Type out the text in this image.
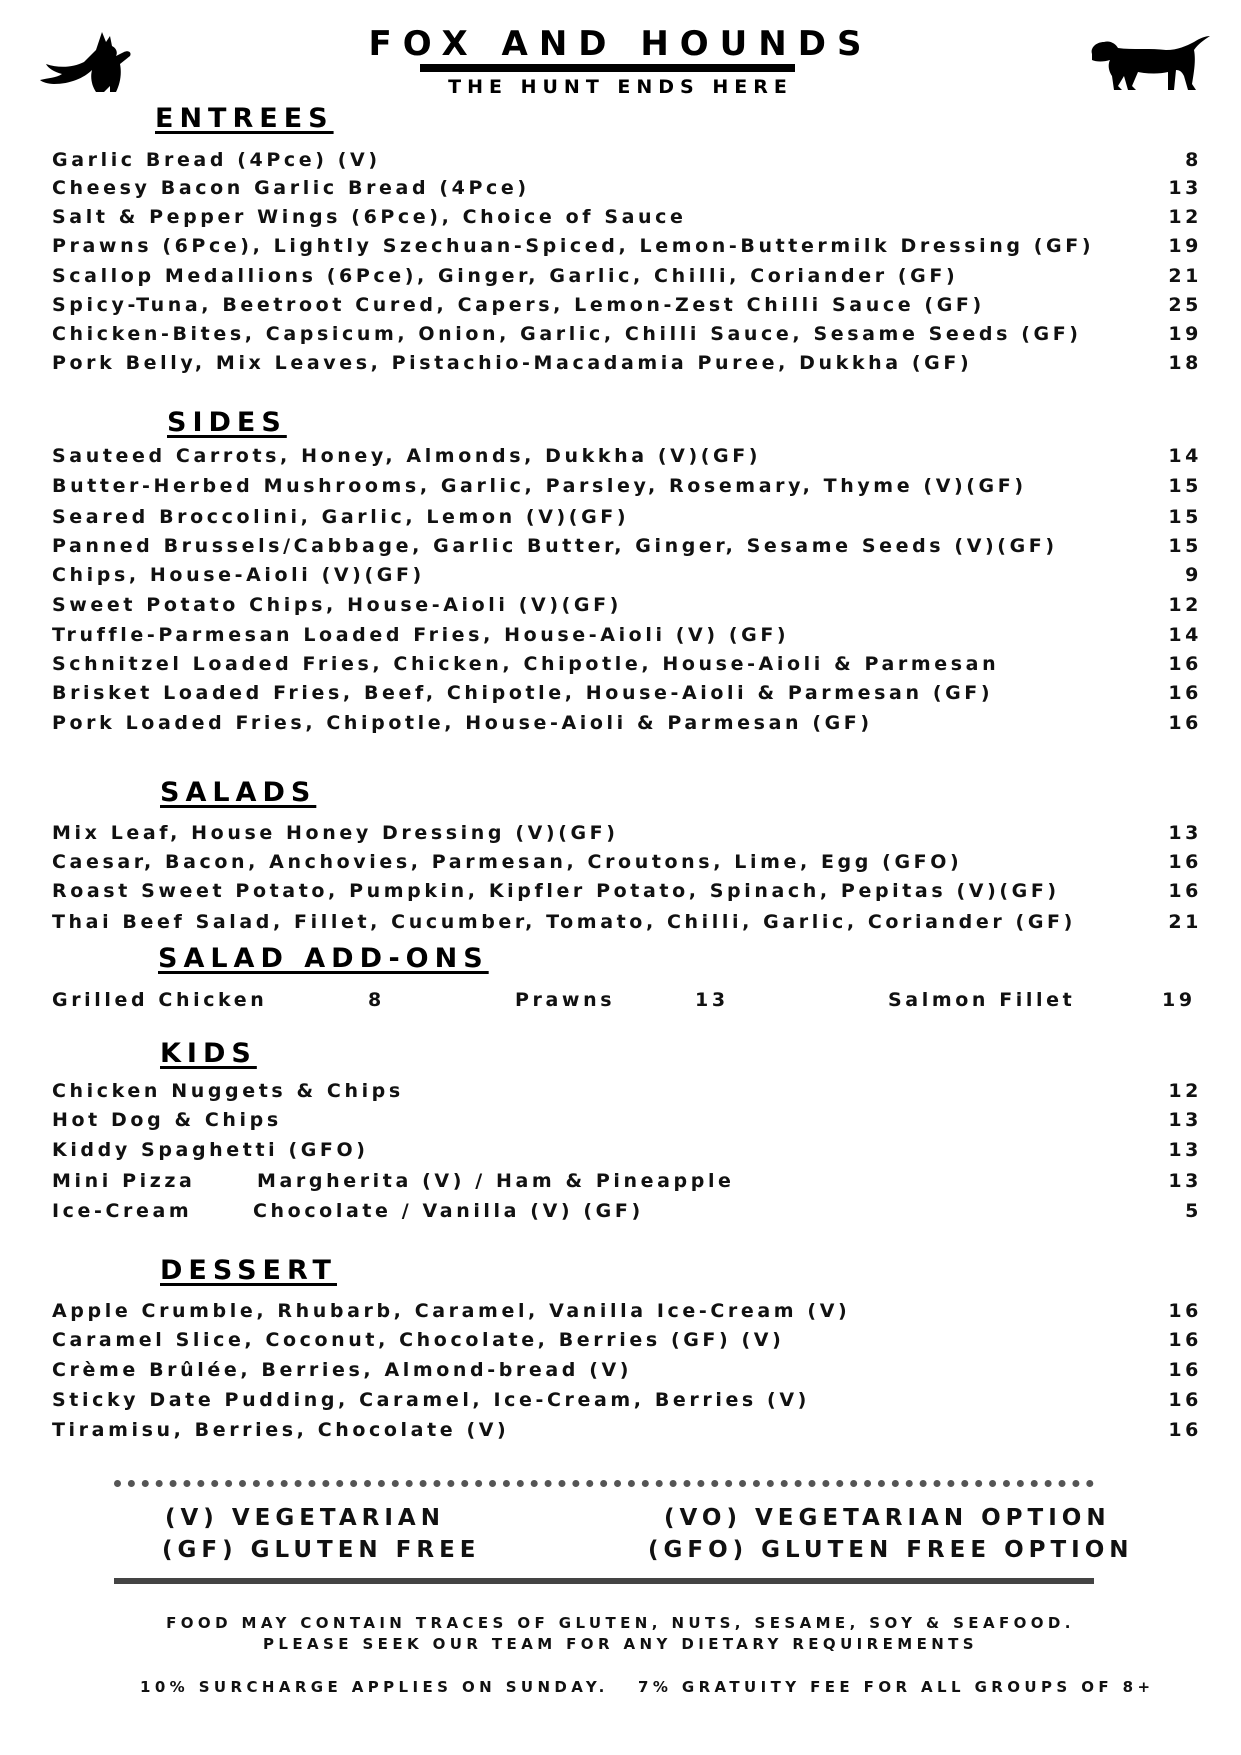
FOX AND HOUNDS
THE HUNT ENDS HERE
ENTREES
Garlic Bread (4Pce) (V)	8
Cheesy Bacon Garlic Bread (4Pce)	13
Salt & Pepper Wings (6Pce), Choice of Sauce	12
Prawns (6Pce), Lightly Szechuan-Spiced, Lemon-Buttermilk Dressing (GF)	19
Scallop Medallions (6Pce), Ginger, Garlic, Chilli, Coriander (GF)	21
Spicy-Tuna, Beetroot Cured, Capers, Lemon-Zest Chilli Sauce (GF)	25
Chicken-Bites, Capsicum, Onion, Garlic, Chilli Sauce, Sesame Seeds (GF)	19
Pork Belly, Mix Leaves, Pistachio-Macadamia Puree, Dukkha (GF)	18
SIDES
Sauteed Carrots, Honey, Almonds, Dukkha (V)(GF)	14
Butter-Herbed Mushrooms, Garlic, Parsley, Rosemary, Thyme (V)(GF)	15
Seared Broccolini, Garlic, Lemon (V)(GF)	15
Panned Brussels/Cabbage, Garlic Butter, Ginger, Sesame Seeds (V)(GF)	15
Chips, House-Aioli (V)(GF)	9
Sweet Potato Chips, House-Aioli (V)(GF)	12
Truffle-Parmesan Loaded Fries, House-Aioli (V) (GF)	14
Schnitzel Loaded Fries, Chicken, Chipotle, House-Aioli & Parmesan	16
Brisket Loaded Fries, Beef, Chipotle, House-Aioli & Parmesan (GF)	16
Pork Loaded Fries, Chipotle, House-Aioli & Parmesan (GF)	16
SALADS
Mix Leaf, House Honey Dressing (V)(GF)	13
Caesar, Bacon, Anchovies, Parmesan, Croutons, Lime, Egg (GFO)	16
Roast Sweet Potato, Pumpkin, Kipfler Potato, Spinach, Pepitas (V)(GF)	16
Thai Beef Salad, Fillet, Cucumber, Tomato, Chilli, Garlic, Coriander (GF)	21
SALAD ADD-ONS
Grilled Chicken	8	Prawns	13	Salmon Fillet	19
KIDS
Chicken Nuggets & Chips	12
Hot Dog & Chips	13
Kiddy Spaghetti (GFO)	13
Mini Pizza	Margherita (V) / Ham & Pineapple	13
Ice-Cream	Chocolate / Vanilla (V) (GF)	5
DESSERT
Apple Crumble, Rhubarb, Caramel, Vanilla Ice-Cream (V)	16
Caramel Slice, Coconut, Chocolate, Berries (GF) (V)	16
Crème Brûlée, Berries, Almond-bread (V)	16
Sticky Date Pudding, Caramel, Ice-Cream, Berries (V)	16
Tiramisu, Berries, Chocolate (V)	16
(V) VEGETARIAN
(GF) GLUTEN FREE
(VO) VEGETARIAN OPTION
(GFO) GLUTEN FREE OPTION
FOOD MAY CONTAIN TRACES OF GLUTEN, NUTS, SESAME, SOY & SEAFOOD.
PLEASE SEEK OUR TEAM FOR ANY DIETARY REQUIREMENTS
10% SURCHARGE APPLIES ON SUNDAY. 7% GRATUITY FEE FOR ALL GROUPS OF 8+
